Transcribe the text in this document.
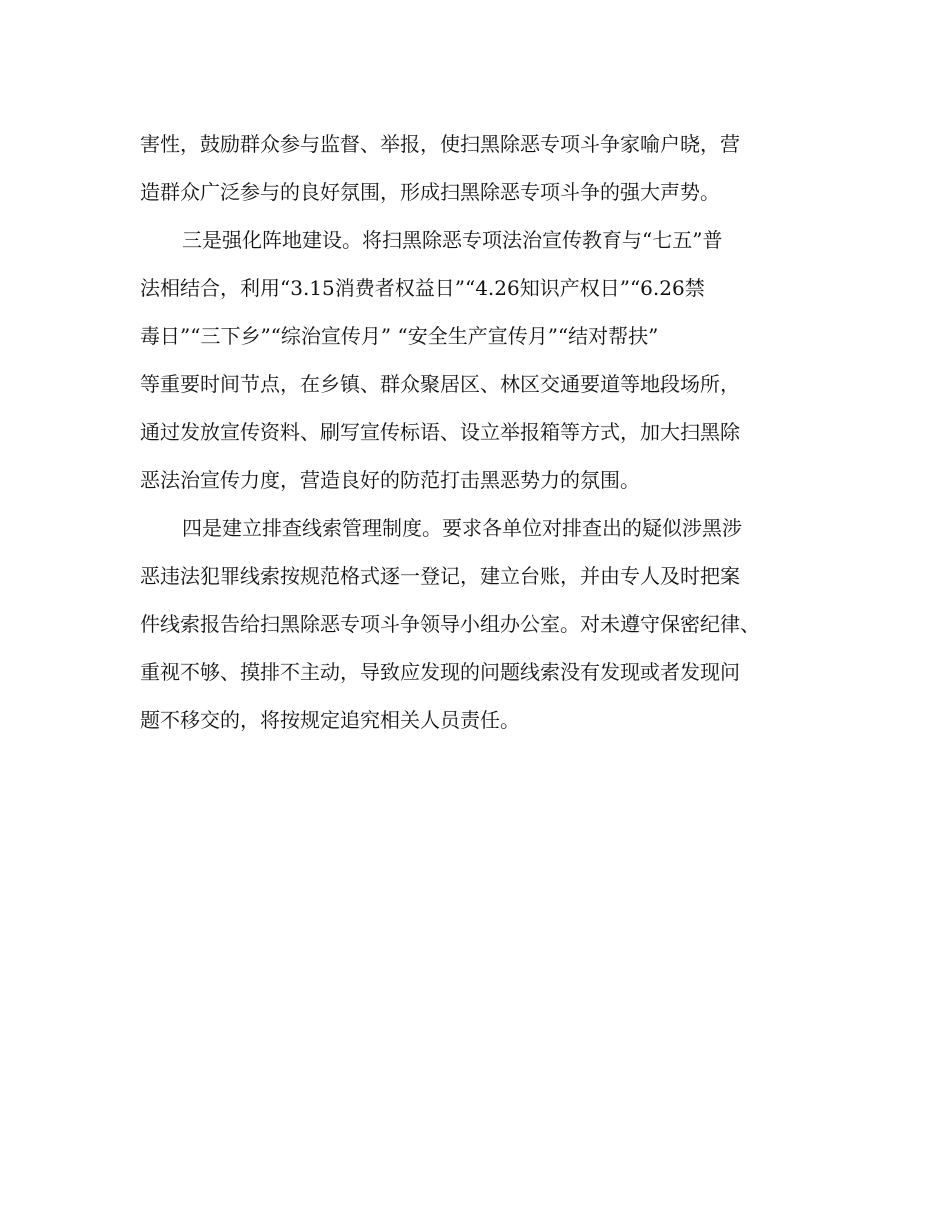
害性，鼓励群众参与监督、举报，使扫黑除恶专项斗争家喻户晓，营
造群众广泛参与的良好氛围，形成扫黑除恶专项斗争的强大声势。
三是强化阵地建设。将扫黑除恶专项法治宣传教育与“七五”普
法相结合，利用“3.15消费者权益日”“4.26知识产权日”“6.26禁
毒日”“三下乡”“综治宣传月” “安全生产宣传月”“结对帮扶”
等重要时间节点，在乡镇、群众聚居区、林区交通要道等地段场所，
通过发放宣传资料、刷写宣传标语、设立举报箱等方式，加大扫黑除
恶法治宣传力度，营造良好的防范打击黑恶势力的氛围。
四是建立排查线索管理制度。要求各单位对排查出的疑似涉黑涉
恶违法犯罪线索按规范格式逐一登记，建立台账，并由专人及时把案
件线索报告给扫黑除恶专项斗争领导小组办公室。对未遵守保密纪律、
重视不够、摸排不主动，导致应发现的问题线索没有发现或者发现问
题不移交的，将按规定追究相关人员责任。
